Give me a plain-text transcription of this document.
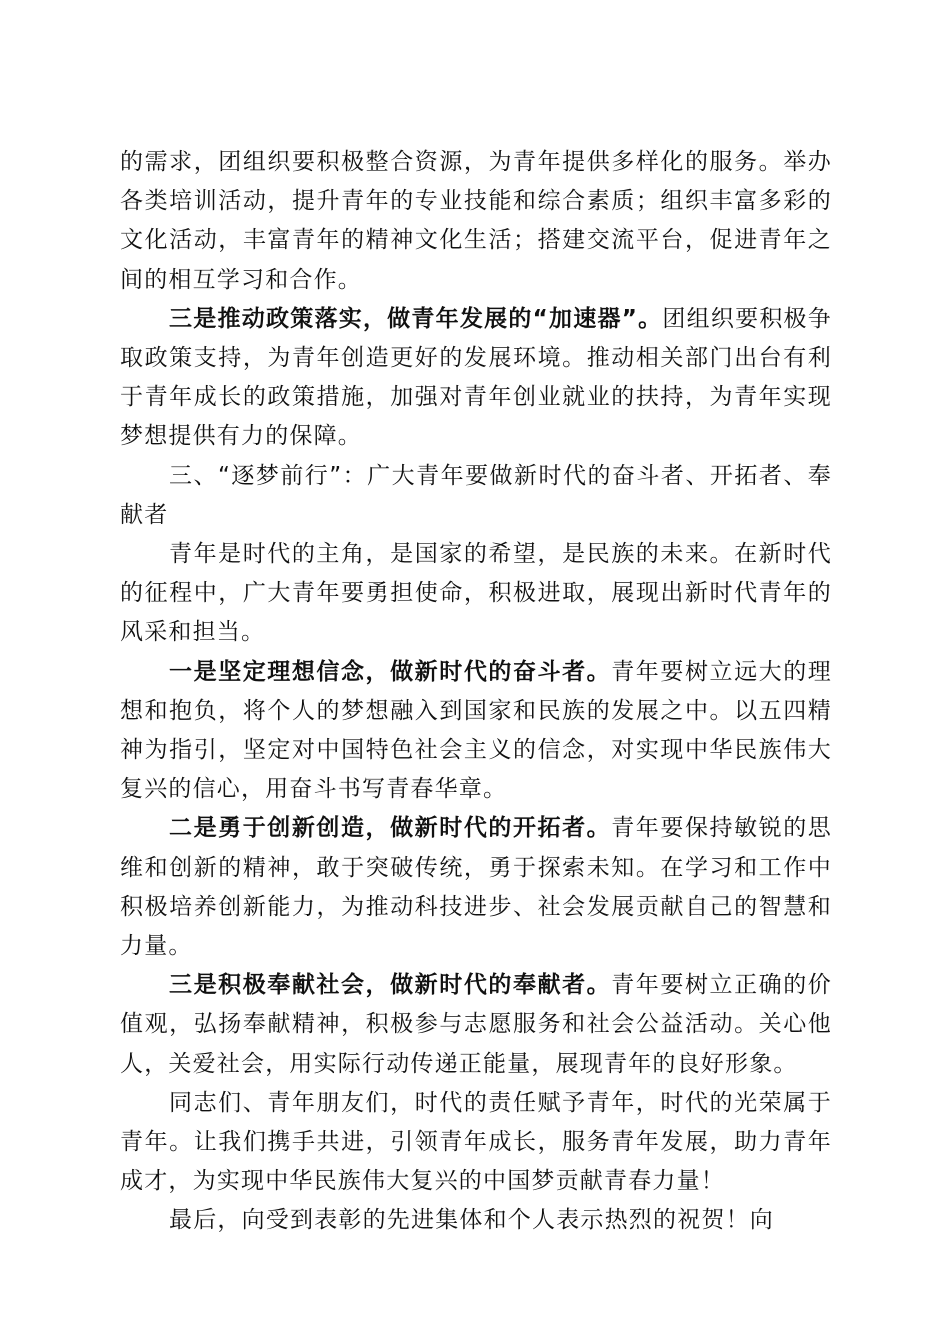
的需求，团组织要积极整合资源，为青年提供多样化的服务。举办各类培训活动，提升青年的专业技能和综合素质；组织丰富多彩的文化活动，丰富青年的精神文化生活；搭建交流平台，促进青年之间的相互学习和合作。

三是推动政策落实，做青年发展的“加速器”。团组织要积极争取政策支持，为青年创造更好的发展环境。推动相关部门出台有利于青年成长的政策措施，加强对青年创业就业的扶持，为青年实现梦想提供有力的保障。

三、“逐梦前行”：广大青年要做新时代的奋斗者、开拓者、奉献者

青年是时代的主角，是国家的希望，是民族的未来。在新时代的征程中，广大青年要勇担使命，积极进取，展现出新时代青年的风采和担当。

一是坚定理想信念，做新时代的奋斗者。青年要树立远大的理想和抱负，将个人的梦想融入到国家和民族的发展之中。以五四精神为指引，坚定对中国特色社会主义的信念，对实现中华民族伟大复兴的信心，用奋斗书写青春华章。

二是勇于创新创造，做新时代的开拓者。青年要保持敏锐的思维和创新的精神，敢于突破传统，勇于探索未知。在学习和工作中积极培养创新能力，为推动科技进步、社会发展贡献自己的智慧和力量。

三是积极奉献社会，做新时代的奉献者。青年要树立正确的价值观，弘扬奉献精神，积极参与志愿服务和社会公益活动。关心他人，关爱社会，用实际行动传递正能量，展现青年的良好形象。

同志们、青年朋友们，时代的责任赋予青年，时代的光荣属于青年。让我们携手共进，引领青年成长，服务青年发展，助力青年成才，为实现中华民族伟大复兴的中国梦贡献青春力量！

最后，向受到表彰的先进集体和个人表示热烈的祝贺！向
